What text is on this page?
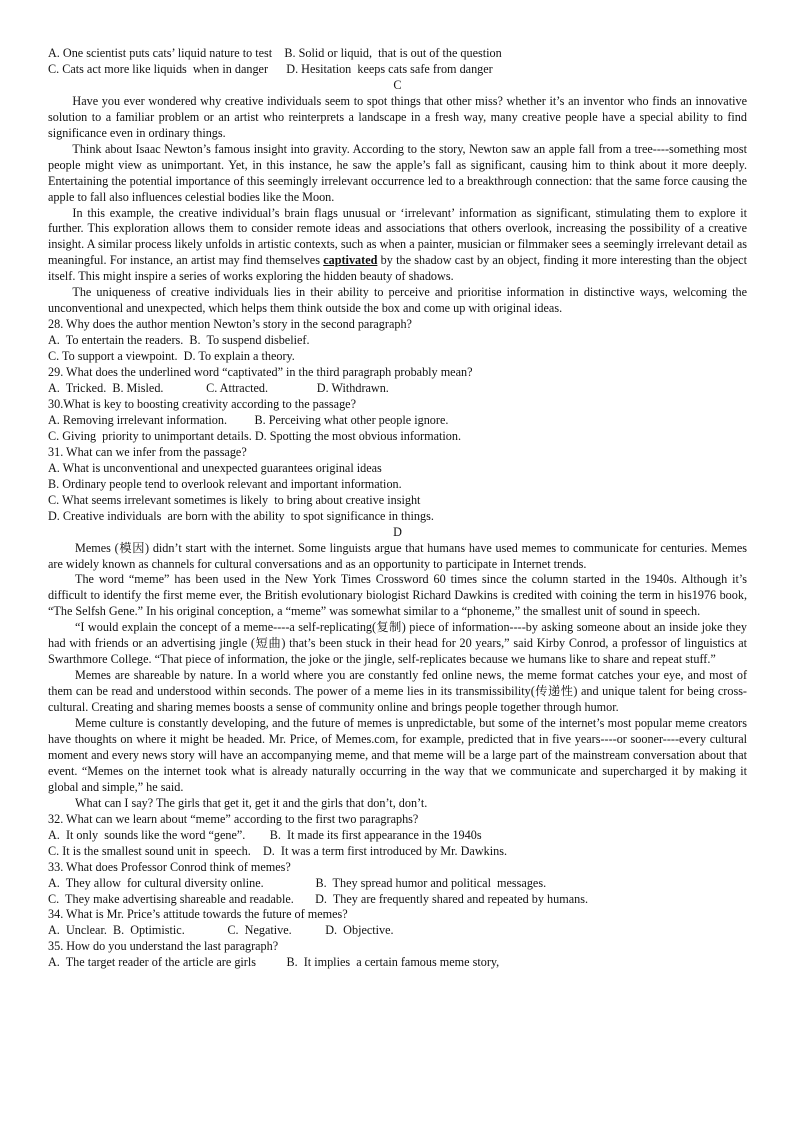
A. One scientist puts cats’ liquid nature to test    B. Solid or liquid,  that is out of the question
C. Cats act more like liquids  when in danger      D. Hesitation  keeps cats safe from danger
C
Have you ever wondered why creative individuals seem to spot things that other miss? whether it’s an inventor who finds an innovative solution to a familiar problem or an artist who reinterprets a landscape in a fresh way, many creative people have a special ability to find significance even in ordinary things.
Think about Isaac Newton’s famous insight into gravity. According to the story, Newton saw an apple fall from a tree----something most people might view as unimportant. Yet, in this instance, he saw the apple’s fall as significant, causing him to think about it more deeply. Entertaining the potential importance of this seemingly irrelevant occurrence led to a breakthrough connection: that the same force causing the apple to fall also influences celestial bodies like the Moon.
In this example, the creative individual’s brain flags unusual or ‘irrelevant’ information as significant, stimulating them to explore it further. This exploration allows them to consider remote ideas and associations that others overlook, increasing the possibility of a creative insight. A similar process likely unfolds in artistic contexts, such as when a painter, musician or filmmaker sees a seemingly irrelevant detail as meaningful. For instance, an artist may find themselves captivated by the shadow cast by an object, finding it more interesting than the object itself. This might inspire a series of works exploring the hidden beauty of shadows.
The uniqueness of creative individuals lies in their ability to perceive and prioritise information in distinctive ways, welcoming the unconventional and unexpected, which helps them think outside the box and come up with original ideas.
28. Why does the author mention Newton’s story in the second paragraph?
A.  To entertain the readers.  B.  To suspend disbelief.
C. To support a viewpoint.  D. To explain a theory.
29. What does the underlined word “captivated” in the third paragraph probably mean?
A.  Tricked.  B. Misled.              C. Attracted.                D. Withdrawn.
30.What is key to boosting creativity according to the passage?
A. Removing irrelevant information.         B. Perceiving what other people ignore.
C. Giving  priority to unimportant details. D. Spotting the most obvious information.
31. What can we infer from the passage?
A. What is unconventional and unexpected guarantees original ideas
B. Ordinary people tend to overlook relevant and important information.
C. What seems irrelevant sometimes is likely  to bring about creative insight
D. Creative individuals  are born with the ability  to spot significance in things.
D
Memes (模因) didn’t start with the internet. Some linguists argue that humans have used memes to communicate for centuries. Memes are widely known as channels for cultural conversations and as an opportunity to participate in Internet trends.
The word “meme” has been used in the New York Times Crossword 60 times since the column started in the 1940s. Although it’s difficult to identify the first meme ever, the British evolutionary biologist Richard Dawkins is credited with coining the term in his1976 book, “The Selfsh Gene.” In his original conception, a “meme” was somewhat similar to a “phoneme,” the smallest unit of sound in speech.
“I would explain the concept of a meme----a self-replicating(复制) piece of information----by asking someone about an inside joke they had with friends or an advertising jingle (短曲) that’s been stuck in their head for 20 years,” said Kirby Conrod, a professor of linguistics at Swarthmore College. “That piece of information, the joke or the jingle, self-replicates because we humans like to share and repeat stuff.”
Memes are shareable by nature. In a world where you are constantly fed online news, the meme format catches your eye, and most of them can be read and understood within seconds. The power of a meme lies in its transmissibility(传递性) and unique talent for being cross-cultural. Creating and sharing memes boosts a sense of community online and brings people together through humor.
Meme culture is constantly developing, and the future of memes is unpredictable, but some of the internet’s most popular meme creators have thoughts on where it might be headed. Mr. Price, of Memes.com, for example, predicted that in five years----or sooner----every cultural moment and every news story will have an accompanying meme, and that meme will be a large part of the mainstream conversation about that event. “Memes on the internet took what is already naturally occurring in the way that we communicate and supercharged it by making it global and simple,” he said.
What can I say? The girls that get it, get it and the girls that don’t, don’t.
32. What can we learn about “meme” according to the first two paragraphs?
A.  It only  sounds like the word “gene”.        B.  It made its first appearance in the 1940s
C. It is the smallest sound unit in  speech.    D.  It was a term first introduced by Mr. Dawkins.
33. What does Professor Conrod think of memes?
A.  They allow  for cultural diversity online.                 B.  They spread humor and political  messages.
C.  They make advertising shareable and readable.       D.  They are frequently shared and repeated by humans.
34. What is Mr. Price’s attitude towards the future of memes?
A.  Unclear.  B.  Optimistic.              C.  Negative.           D.  Objective.
35. How do you understand the last paragraph?
A.  The target reader of the article are girls          B.  It implies  a certain famous meme story,
